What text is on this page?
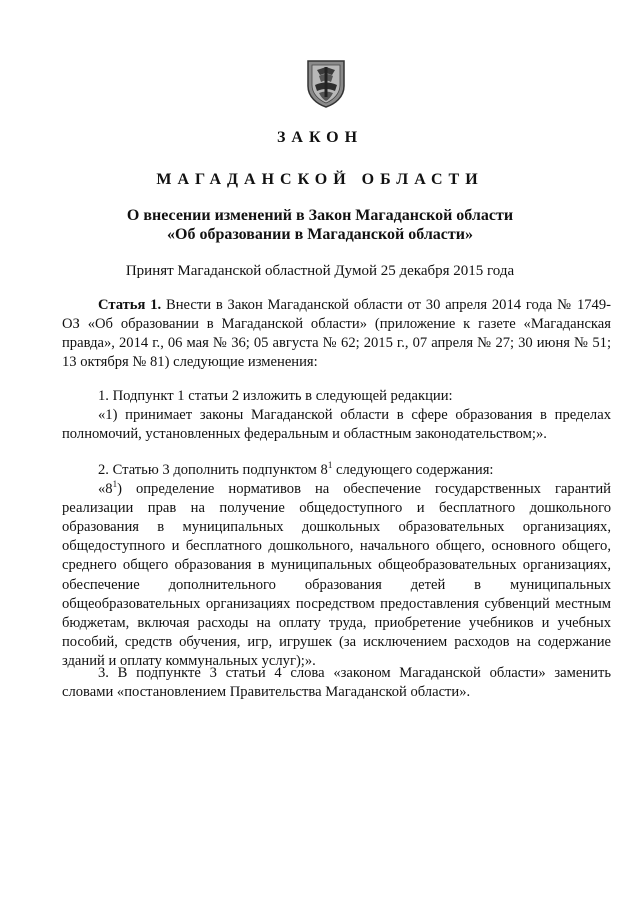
ЗАКОН
МАГАДАНСКОЙ ОБЛАСТИ
О внесении изменений в Закон Магаданской области
«Об образовании в Магаданской области»
Принят Магаданской областной Думой 25 декабря 2015 года

Статья 1. Внести в Закон Магаданской области от 30 апреля 2014 года № 1749-ОЗ «Об образовании в Магаданской области» (приложение к газете «Магаданская правда», 2014 г., 06 мая № 36; 05 августа № 62; 2015 г., 07 апреля № 27; 30 июня № 51; 13 октября № 81) следующие изменения:

1. Подпункт 1 статьи 2 изложить в следующей редакции:

«1) принимает законы Магаданской области в сфере образования в пределах полномочий, установленных федеральным и областным законодательством;».

2. Статью 3 дополнить подпунктом $8^1$ следующего содержания:

«$8^1$) определение нормативов на обеспечение государственных гарантий реализации прав на получение общедоступного и бесплатного дошкольного образования в муниципальных дошкольных образовательных организациях, общедоступного и бесплатного дошкольного, начального общего, основного общего, среднего общего образования в муниципальных общеобразовательных организациях, обеспечение дополнительного образования детей в муниципальных общеобразовательных организациях посредством предоставления субвенций местным бюджетам, включая расходы на оплату труда, приобретение учебников и учебных пособий, средств обучения, игр, игрушек (за исключением расходов на содержание зданий и оплату коммунальных услуг);».

3. В подпункте 3 статьи 4 слова «законом Магаданской области» заменить словами «постановлением Правительства Магаданской области».
